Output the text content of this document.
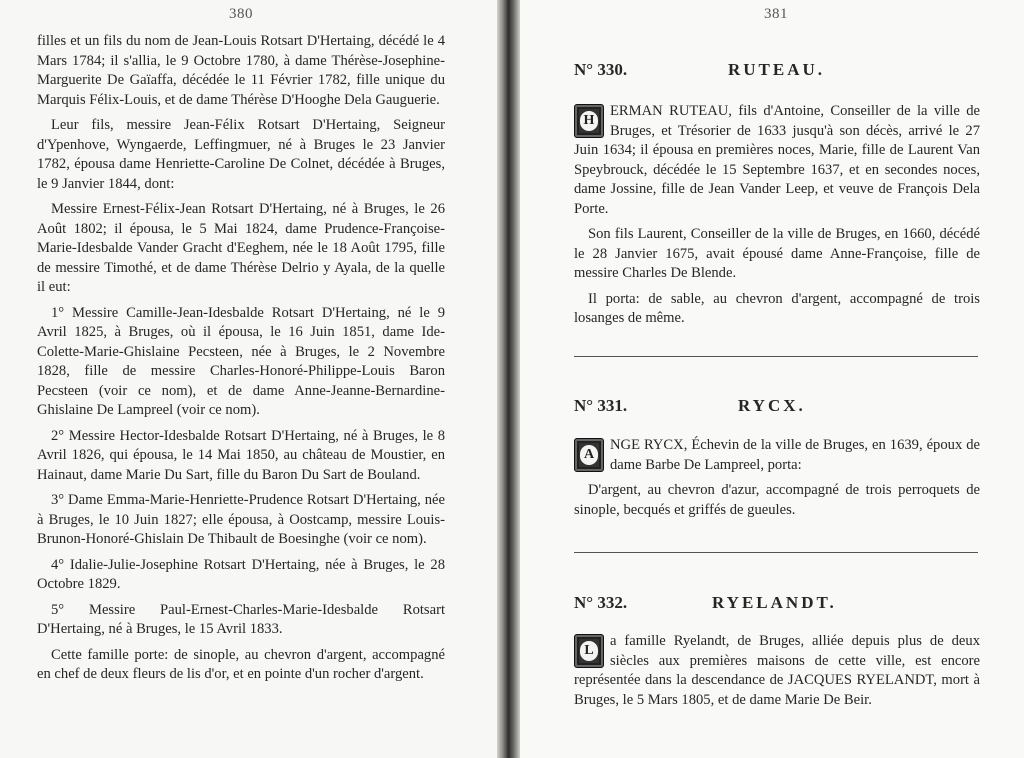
380

filles et un fils du nom de Jean-Louis Rotsart D'Hertaing, décédé le 4 Mars 1784; il s'allia, le 9 Octobre 1780, à dame Thérèse-Josephine-Marguerite De Gaïaffa, décédée le 11 Février 1782, fille unique du Marquis Félix-Louis, et de dame Thérèse D'Hooghe Dela Gauguerie.

Leur fils, messire Jean-Félix Rotsart D'Hertaing, Seigneur d'Ypenhove, Wyngaerde, Leffingmuer, né à Bruges le 23 Janvier 1782, épousa dame Henriette-Caroline De Colnet, décédée à Bruges, le 9 Janvier 1844, dont:

Messire Ernest-Félix-Jean Rotsart D'Hertaing, né à Bruges, le 26 Août 1802; il épousa, le 5 Mai 1824, dame Prudence-Françoise-Marie-Idesbalde Vander Gracht d'Eeghem, née le 18 Août 1795, fille de messire Timothé, et de dame Thérèse Delrio y Ayala, de la quelle il eut:

1° Messire Camille-Jean-Idesbalde Rotsart D'Hertaing, né le 9 Avril 1825, à Bruges, où il épousa, le 16 Juin 1851, dame Ide-Colette-Marie-Ghislaine Pecsteen, née à Bruges, le 2 Novembre 1828, fille de messire Charles-Honoré-Philippe-Louis Baron Pecsteen (voir ce nom), et de dame Anne-Jeanne-Bernardine-Ghislaine De Lampreel (voir ce nom).

2° Messire Hector-Idesbalde Rotsart D'Hertaing, né à Bruges, le 8 Avril 1826, qui épousa, le 14 Mai 1850, au château de Moustier, en Hainaut, dame Marie Du Sart, fille du Baron Du Sart de Bouland.

3° Dame Emma-Marie-Henriette-Prudence Rotsart D'Hertaing, née à Bruges, le 10 Juin 1827; elle épousa, à Oostcamp, messire Louis-Brunon-Honoré-Ghislain De Thibault de Boesinghe (voir ce nom).

4° Idalie-Julie-Josephine Rotsart D'Hertaing, née à Bruges, le 28 Octobre 1829.

5° Messire Paul-Ernest-Charles-Marie-Idesbalde Rotsart D'Hertaing, né à Bruges, le 15 Avril 1833.

Cette famille porte: de sinople, au chevron d'argent, accompagné en chef de deux fleurs de lis d'or, et en pointe d'un rocher d'argent.

381
N° 330.	RUTEAU.

H
ERMAN RUTEAU, fils d'Antoine, Conseiller de la ville de Bruges, et Trésorier de 1633 jusqu'à son décès, arrivé le 27 Juin 1634; il épousa en premières noces, Marie, fille de Laurent Van Speybrouck, décédée le 15 Septembre 1637, et en secondes noces, dame Jossine, fille de Jean Vander Leep, et veuve de François Dela Porte.

Son fils Laurent, Conseiller de la ville de Bruges, en 1660, décédé le 28 Janvier 1675, avait épousé dame Anne-Françoise, fille de messire Charles De Blende.

Il porta: de sable, au chevron d'argent, accompagné de trois losanges de même.

N° 331.	RYCX.

A
NGE RYCX, Échevin de la ville de Bruges, en 1639, époux de dame Barbe De Lampreel, porta:

D'argent, au chevron d'azur, accompagné de trois perroquets de sinople, becqués et griffés de gueules.

N° 332.	RYELANDT.

L
a famille Ryelandt, de Bruges, alliée depuis plus de deux siècles aux premières maisons de cette ville, est encore représentée dans la descendance de JACQUES RYELANDT, mort à Bruges, le 5 Mars 1805, et de dame Marie De Beir.
